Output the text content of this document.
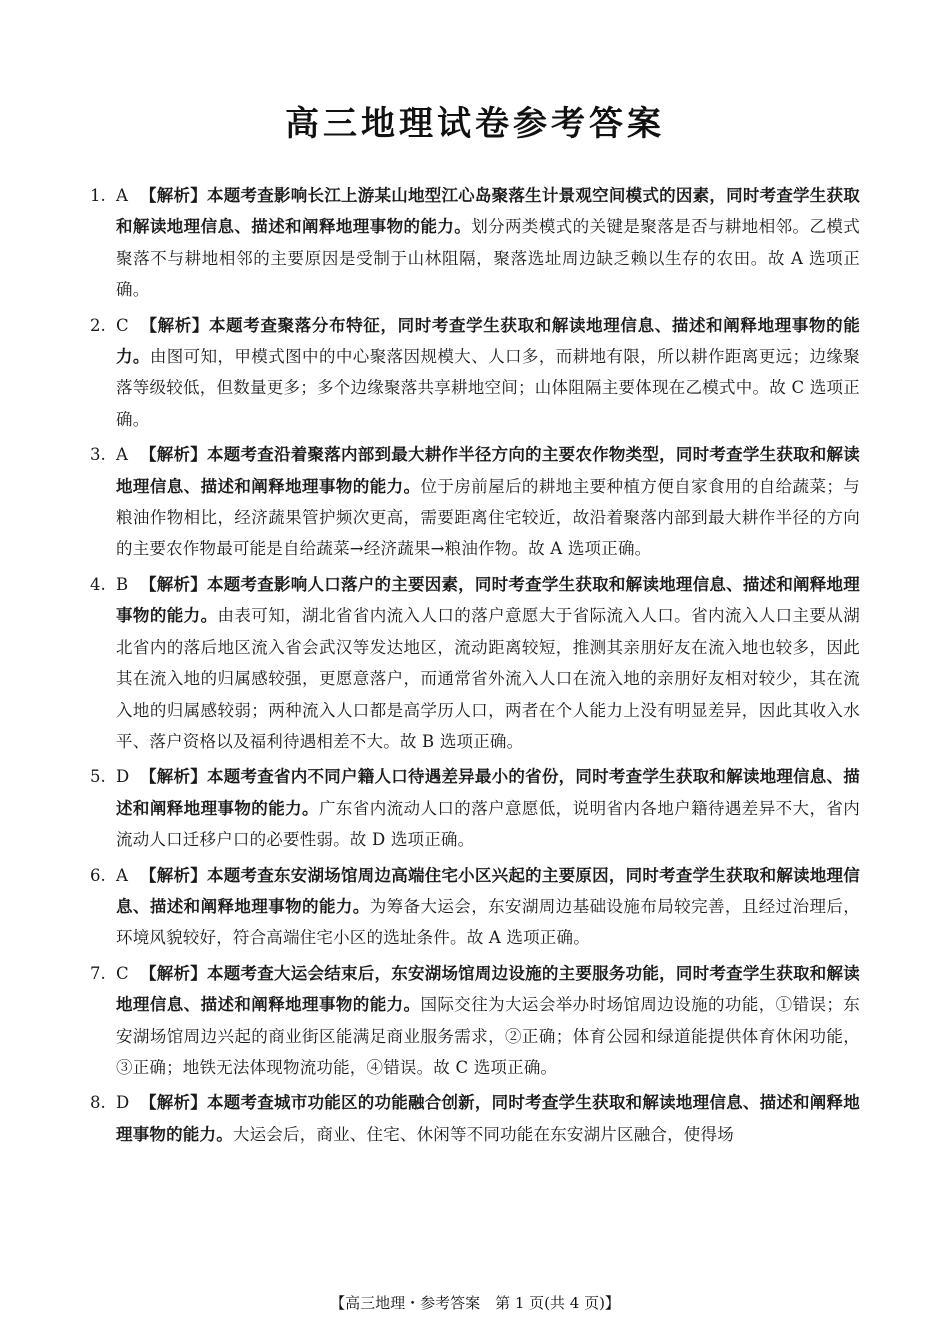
高三地理试卷参考答案
1. A 【解析】本题考查影响长江上游某山地型江心岛聚落生计景观空间模式的因素，同时考查学生获取和解读地理信息、描述和阐释地理事物的能力。划分两类模式的关键是聚落是否与耕地相邻。乙模式聚落不与耕地相邻的主要原因是受制于山林阻隔，聚落选址周边缺乏赖以生存的农田。故 A 选项正确。
2. C 【解析】本题考查聚落分布特征，同时考查学生获取和解读地理信息、描述和阐释地理事物的能力。由图可知，甲模式图中的中心聚落因规模大、人口多，而耕地有限，所以耕作距离更远；边缘聚落等级较低，但数量更多；多个边缘聚落共享耕地空间；山体阻隔主要体现在乙模式中。故 C 选项正确。
3. A 【解析】本题考查沿着聚落内部到最大耕作半径方向的主要农作物类型，同时考查学生获取和解读地理信息、描述和阐释地理事物的能力。位于房前屋后的耕地主要种植方便自家食用的自给蔬菜；与粮油作物相比，经济蔬果管护频次更高，需要距离住宅较近，故沿着聚落内部到最大耕作半径的方向的主要农作物最可能是自给蔬菜→经济蔬果→粮油作物。故 A 选项正确。
4. B 【解析】本题考查影响人口落户的主要因素，同时考查学生获取和解读地理信息、描述和阐释地理事物的能力。由表可知，湖北省省内流入人口的落户意愿大于省际流入人口。省内流入人口主要从湖北省内的落后地区流入省会武汉等发达地区，流动距离较短，推测其亲朋好友在流入地也较多，因此其在流入地的归属感较强，更愿意落户，而通常省外流入人口在流入地的亲朋好友相对较少，其在流入地的归属感较弱；两种流入人口都是高学历人口，两者在个人能力上没有明显差异，因此其收入水平、落户资格以及福利待遇相差不大。故 B 选项正确。
5. D 【解析】本题考查省内不同户籍人口待遇差异最小的省份，同时考查学生获取和解读地理信息、描述和阐释地理事物的能力。广东省内流动人口的落户意愿低，说明省内各地户籍待遇差异不大，省内流动人口迁移户口的必要性弱。故 D 选项正确。
6. A 【解析】本题考查东安湖场馆周边高端住宅小区兴起的主要原因，同时考查学生获取和解读地理信息、描述和阐释地理事物的能力。为筹备大运会，东安湖周边基础设施布局较完善，且经过治理后，环境风貌较好，符合高端住宅小区的选址条件。故 A 选项正确。
7. C 【解析】本题考查大运会结束后，东安湖场馆周边设施的主要服务功能，同时考查学生获取和解读地理信息、描述和阐释地理事物的能力。国际交往为大运会举办时场馆周边设施的功能，①错误；东安湖场馆周边兴起的商业街区能满足商业服务需求，②正确；体育公园和绿道能提供体育休闲功能，③正确；地铁无法体现物流功能，④错误。故 C 选项正确。
8. D 【解析】本题考查城市功能区的功能融合创新，同时考查学生获取和解读地理信息、描述和阐释地理事物的能力。大运会后，商业、住宅、休闲等不同功能在东安湖片区融合，使得场
【高三地理・参考答案　第 1 页(共 4 页)】
